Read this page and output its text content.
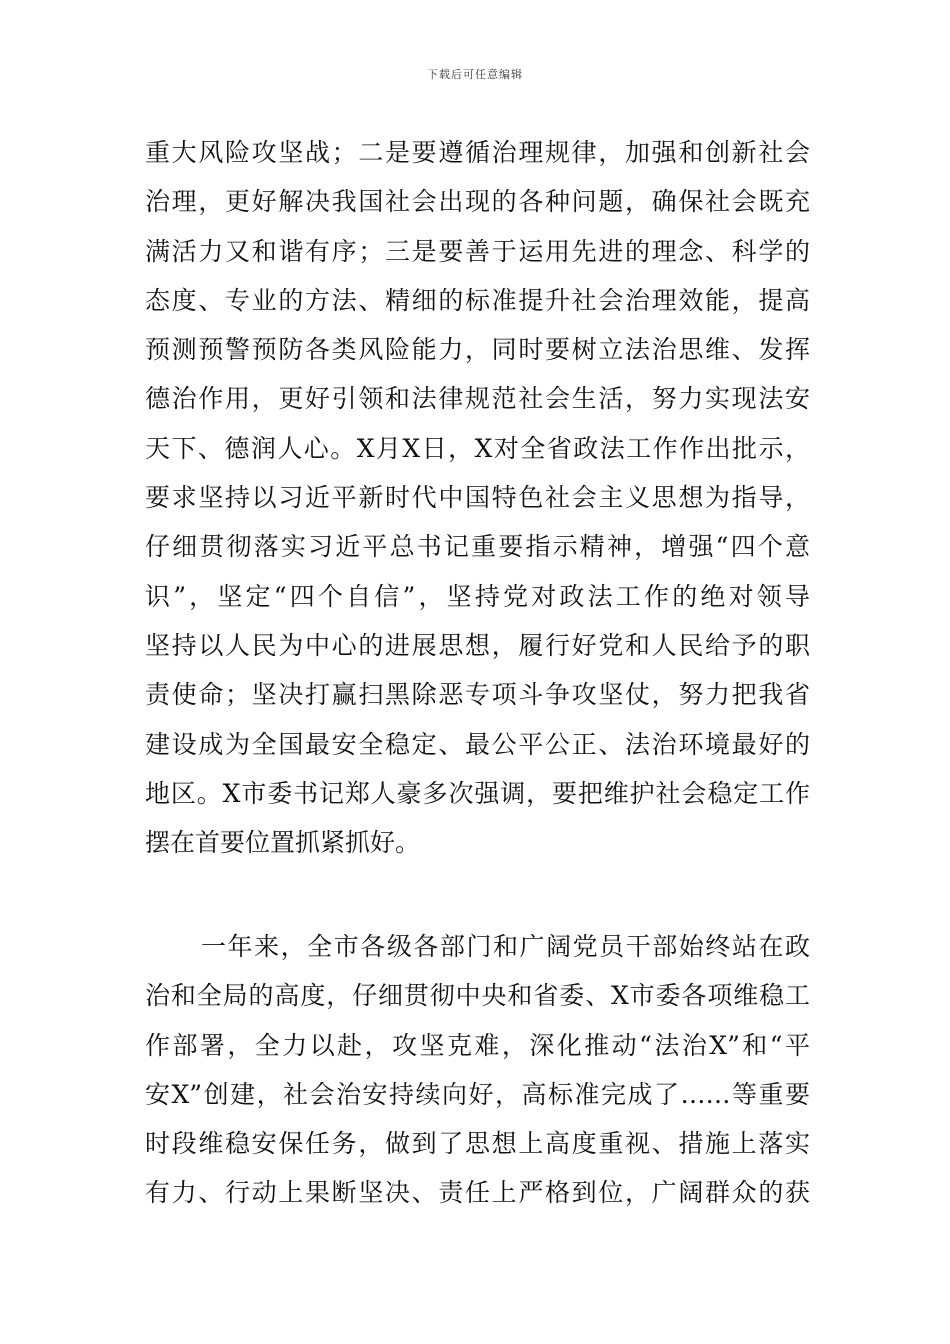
下载后可任意编辑
重大风险攻坚战；二是要遵循治理规律，加强和创新社会
治理，更好解决我国社会出现的各种问题，确保社会既充
满活力又和谐有序；三是要善于运用先进的理念、科学的
态度、专业的方法、精细的标准提升社会治理效能，提高
预测预警预防各类风险能力，同时要树立法治思维、发挥
德治作用，更好引领和法律规范社会生活，努力实现法安
天下、德润人心。X月X日，X对全省政法工作作出批示，
要求坚持以习近平新时代中国特色社会主义思想为指导，
仔细贯彻落实习近平总书记重要指示精神，增强“四个意
识”，坚定“四个自信”，坚持党对政法工作的绝对领导
坚持以人民为中心的进展思想，履行好党和人民给予的职
责使命；坚决打赢扫黑除恶专项斗争攻坚仗，努力把我省
建设成为全国最安全稳定、最公平公正、法治环境最好的
地区。X市委书记郑人豪多次强调，要把维护社会稳定工作
摆在首要位置抓紧抓好。
一年来，全市各级各部门和广阔党员干部始终站在政
治和全局的高度，仔细贯彻中央和省委、X市委各项维稳工
作部署，全力以赴，攻坚克难，深化推动“法治X”和“平
安X”创建，社会治安持续向好，高标准完成了……等重要
时段维稳安保任务，做到了思想上高度重视、措施上落实
有力、行动上果断坚决、责任上严格到位，广阔群众的获
